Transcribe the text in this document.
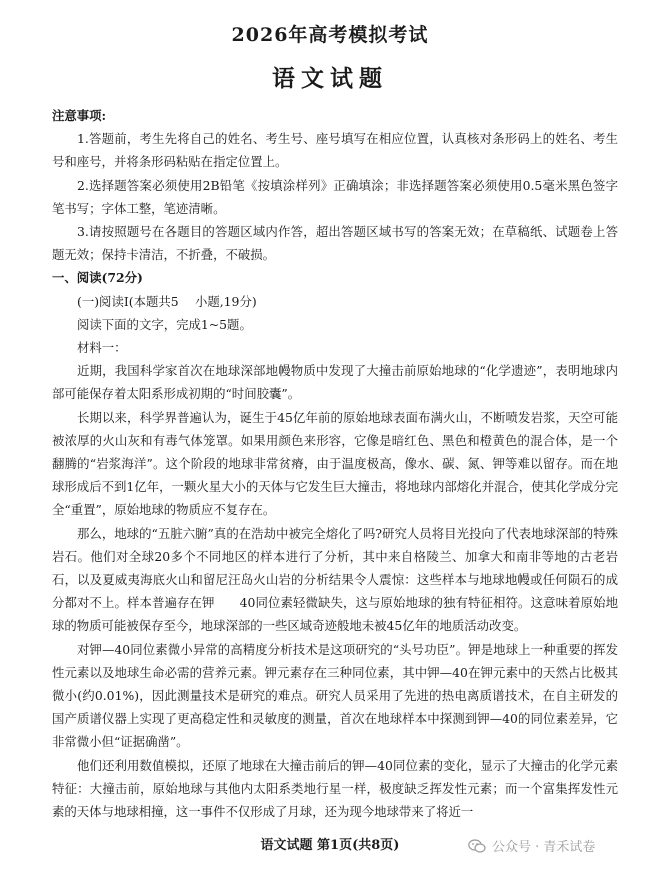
2026年高考模拟考试
语文试题

注意事项:

1.答题前，考生先将自己的姓名、考生号、座号填写在相应位置，认真核对条形码上的姓名、考生号和座号，并将条形码粘贴在指定位置上。

2.选择题答案必须使用2B铅笔《按填涂样列》正确填涂；非选择题答案必须使用0.5毫米黑色签字笔书写；字体工整，笔迹清晰。

3.请按照题号在各题目的答题区域内作答，超出答题区域书写的答案无效；在草稿纸、试题卷上答题无效；保持卡清洁，不折叠，不破损。

一、阅读(72分)

(一)阅读I(本题共5　 小题,19分)

阅读下面的文字，完成1~5题。

材料一：

近期，我国科学家首次在地球深部地幔物质中发现了大撞击前原始地球的“化学遗迹”，表明地球内部可能保存着太阳系形成初期的“时间胶囊”。

长期以来，科学界普遍认为，诞生于45亿年前的原始地球表面布满火山，不断喷发岩浆，天空可能被浓厚的火山灰和有毒气体笼罩。如果用颜色来形容，它像是暗红色、黑色和橙黄色的混合体，是一个翻腾的“岩浆海洋”。这个阶段的地球非常贫瘠，由于温度极高，像水、碳、氮、钾等难以留存。而在地球形成后不到1亿年，一颗火星大小的天体与它发生巨大撞击，将地球内部熔化并混合，使其化学成分完全“重置”，原始地球的物质应不复存在。

那么，地球的“五脏六腑”真的在浩劫中被完全熔化了吗?研究人员将目光投向了代表地球深部的特殊岩石。他们对全球20多个不同地区的样本进行了分析，其中来自格陵兰、加拿大和南非等地的古老岩石，以及夏威夷海底火山和留尼汪岛火山岩的分析结果令人震惊：这些样本与地球地幔或任何陨石的成分都对不上。样本普遍存在钾　　40同位素轻微缺失，这与原始地球的独有特征相符。这意味着原始地球的物质可能被保存至今，地球深部的一些区域奇迹般地未被45亿年的地质活动改变。

对钾—40同位素微小异常的高精度分析技术是这项研究的“头号功臣”。钾是地球上一种重要的挥发性元素以及地球生命必需的营养元素。钾元素存在三种同位素，其中钾—40在钾元素中的天然占比极其微小(约0.01%)，因此测量技术是研究的难点。研究人员采用了先进的热电离质谱技术，在自主研发的国产质谱仪器上实现了更高稳定性和灵敏度的测量，首次在地球样本中探测到钾—40的同位素差异，它非常微小但“证据确凿”。

他们还利用数值模拟，还原了地球在大撞击前后的钾—40同位素的变化，显示了大撞击的化学元素特征：大撞击前，原始地球与其他内太阳系类地行星一样，极度缺乏挥发性元素；而一个富集挥发性元素的天体与地球相撞，这一事件不仅形成了月球，还为现今地球带来了将近一

语文试题 第1页(共8页)	公众号 · 青禾试卷
